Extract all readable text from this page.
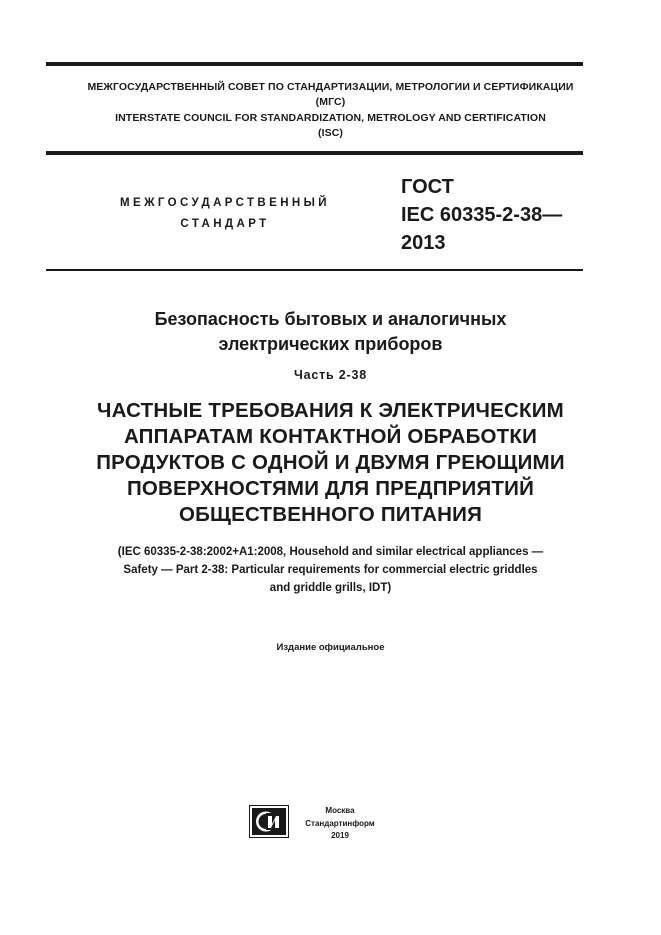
МЕЖГОСУДАРСТВЕННЫЙ СОВЕТ ПО СТАНДАРТИЗАЦИИ, МЕТРОЛОГИИ И СЕРТИФИКАЦИИ
(МГС)
INTERSTATE COUNCIL FOR STANDARDIZATION, METROLOGY AND CERTIFICATION
(ISC)
МЕЖГОСУДАРСТВЕННЫЙ
СТАНДАРТ
ГОСТ
IEC 60335-2-38—
2013
Безопасность бытовых и аналогичных
электрических приборов
Часть 2-38
ЧАСТНЫЕ ТРЕБОВАНИЯ К ЭЛЕКТРИЧЕСКИМ
АППАРАТАМ КОНТАКТНОЙ ОБРАБОТКИ
ПРОДУКТОВ С ОДНОЙ И ДВУМЯ ГРЕЮЩИМИ
ПОВЕРХНОСТЯМИ ДЛЯ ПРЕДПРИЯТИЙ
ОБЩЕСТВЕННОГО ПИТАНИЯ
(IEC 60335-2-38:2002+A1:2008, Household and similar electrical appliances —
Safety — Part 2-38: Particular requirements for commercial electric griddles
and griddle grills, IDT)
Издание официальное
Москва
Стандартинформ
2019
